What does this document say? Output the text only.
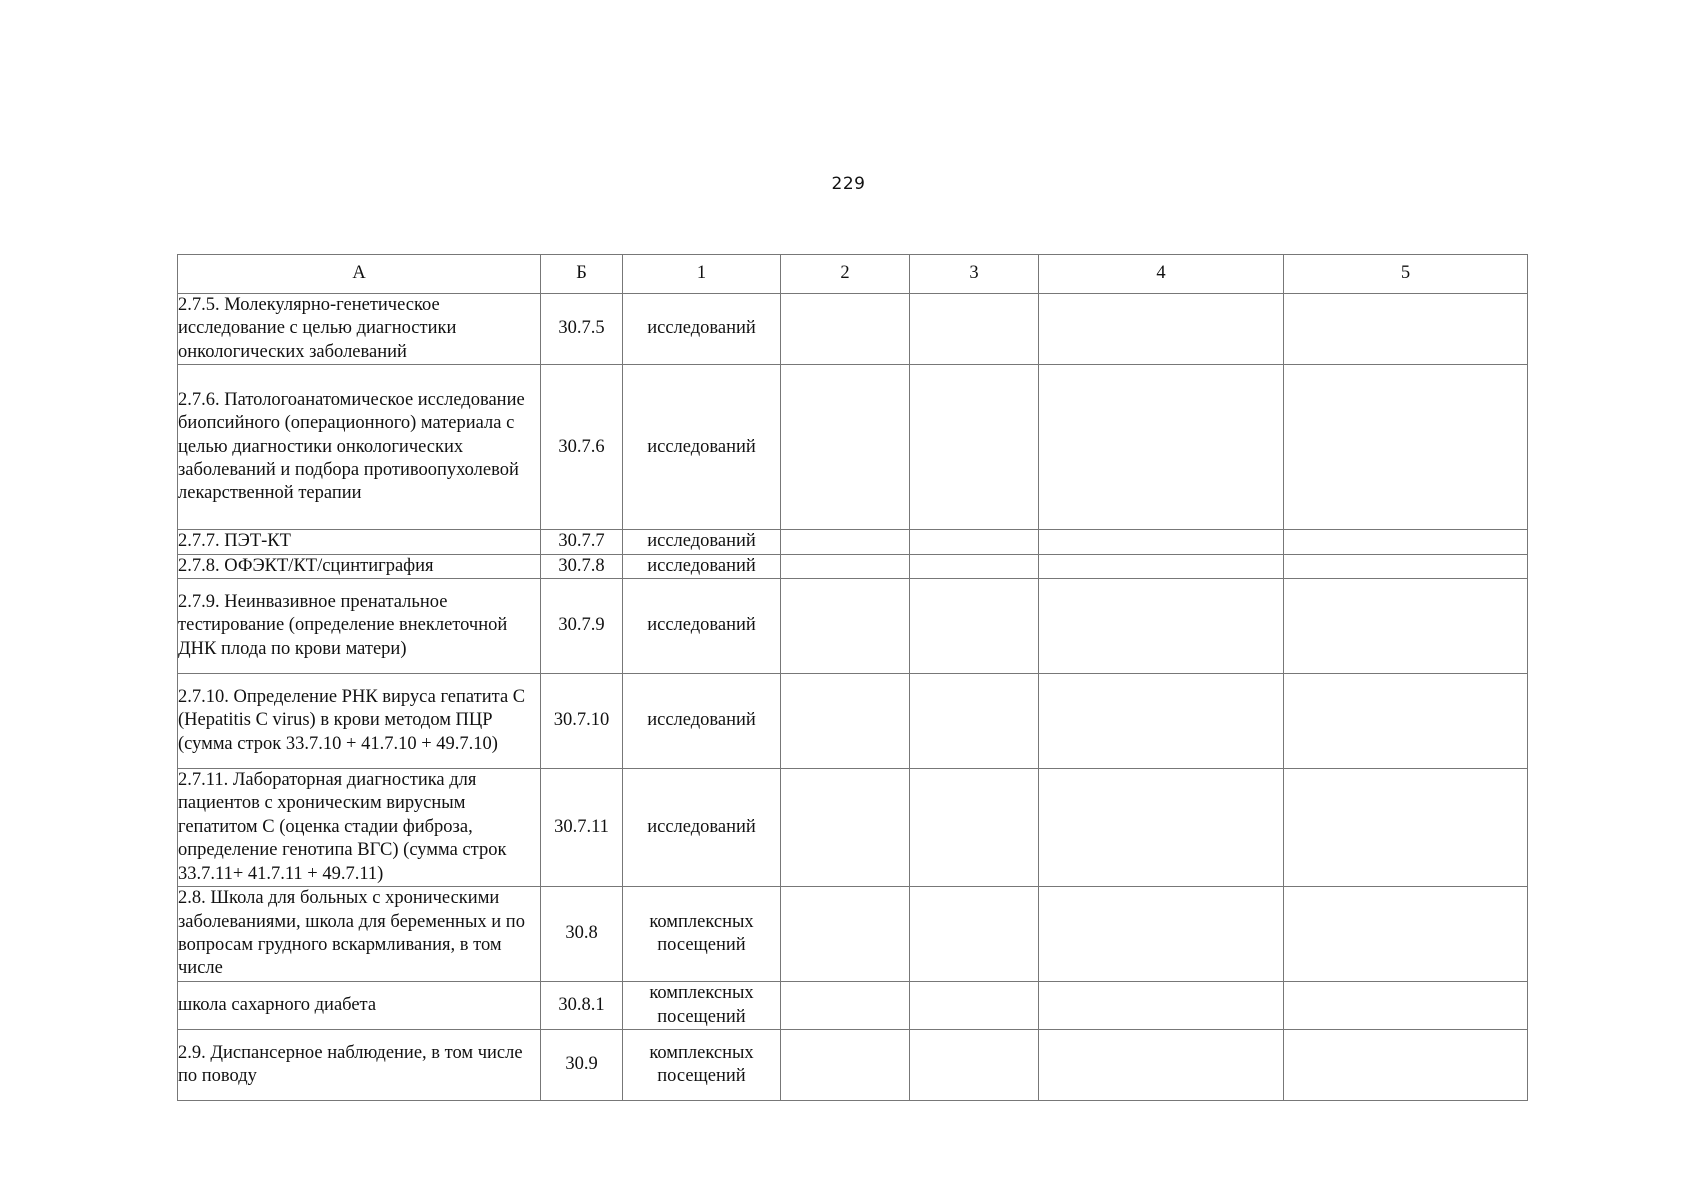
229
А	Б	1	2	3	4	5
2.7.5. Молекулярно-генетическое исследование с целью диагностики онкологических заболеваний	30.7.5	исследований				
2.7.6. Патологоанатомическое исследование биопсийного (операционного) материала с целью диагностики онкологических заболеваний и подбора противоопухолевой лекарственной терапии	30.7.6	исследований				
2.7.7. ПЭТ-КТ	30.7.7	исследований				
2.7.8. ОФЭКТ/КТ/сцинтиграфия	30.7.8	исследований				
2.7.9. Неинвазивное пренатальное тестирование (определение внеклеточной ДНК плода по крови матери)	30.7.9	исследований				
2.7.10. Определение РНК вируса гепатита С (Hepatitis C virus) в крови методом ПЦР (сумма строк 33.7.10 + 41.7.10 + 49.7.10)	30.7.10	исследований				
2.7.11. Лабораторная диагностика для пациентов с хроническим вирусным гепатитом С (оценка стадии фиброза, определение генотипа ВГС) (сумма строк 33.7.11+ 41.7.11 + 49.7.11)	30.7.11	исследований				
2.8. Школа для больных с хроническими заболеваниями, школа для беременных и по вопросам грудного вскармливания, в том числе	30.8	комплексных посещений				
школа сахарного диабета	30.8.1	комплексных посещений				
2.9. Диспансерное наблюдение, в том числе по поводу	30.9	комплексных посещений				
